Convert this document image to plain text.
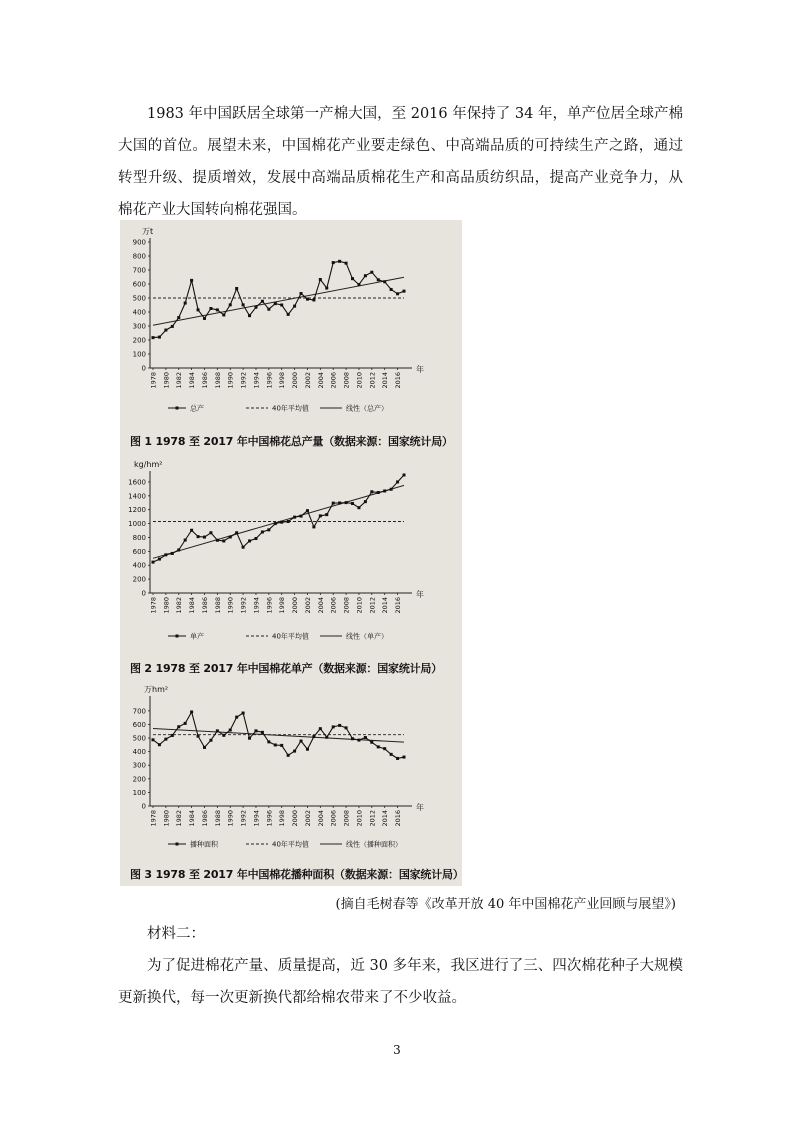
1983 年中国跃居全球第一产棉大国，至 2016 年保持了 34 年，单产位居全球产棉大国的首位。展望未来，中国棉花产业要走绿色、中高端品质的可持续生产之路，通过转型升级、提质增效，发展中高端品质棉花生产和高品质纺织品，提高产业竞争力，从棉花产业大国转向棉花强国。

万t
0
100
200
300
400
500
600
700
800
900
1978 1980 1982 1984 1986 1988 1990 1992 1994 1996 1998 2000 2002 2004 2006 2008 2010 2012 2014 2016
年
总产	40年平均值	线性（总产）
图 1 1978 至 2017 年中国棉花总产量（数据来源：国家统计局）
kg/hm²
0
200
400
600
800
1000
1200
1400
1600
1978 1980 1982 1984 1986 1988 1990 1992 1994 1996 1998 2000 2002 2004 2006 2008 2010 2012 2014 2016
年
单产	40年平均值	线性（单产）
图 2 1978 至 2017 年中国棉花单产（数据来源：国家统计局）
万hm²
0
100
200
300
400
500
600
700
1978 1980 1982 1984 1986 1988 1990 1992 1994 1996 1998 2000 2002 2004 2006 2008 2010 2012 2014 2016
年
播种面积	40年平均值	线性（播种面积）
图 3 1978 至 2017 年中国棉花播种面积（数据来源：国家统计局）

(摘自毛树春等《改革开放 40 年中国棉花产业回顾与展望》)

材料二：

为了促进棉花产量、质量提高，近 30 多年来，我区进行了三、四次棉花种子大规模更新换代，每一次更新换代都给棉农带来了不少收益。

3
